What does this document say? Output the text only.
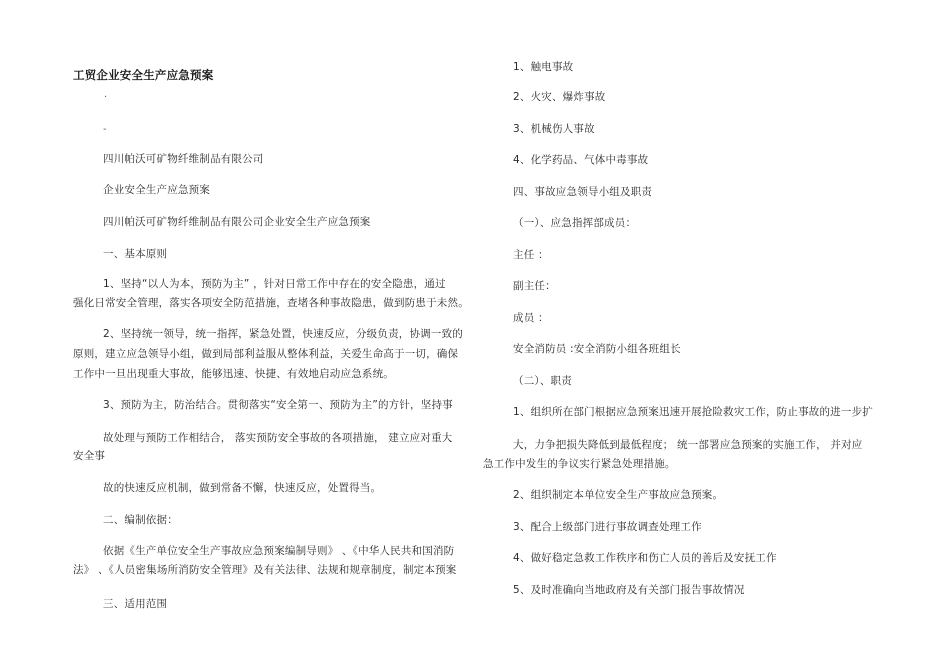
工贸企业安全生产应急预案
·
-
四川帕沃可矿物纤维制品有限公司
企业安全生产应急预案
四川帕沃可矿物纤维制品有限公司企业安全生产应急预案
一、基本原则
1、坚持“以人为本，预防为主” ，针对日常工作中存在的安全隐患，通过
强化日常安全管理，落实各项安全防范措施，查堵各种事故隐患，做到防患于未然。
2、坚持统一领导，统一指挥，紧急处置，快速反应，分级负责，协调一致的
原则，建立应急领导小组，做到局部利益服从整体利益，关爱生命高于一切，确保
工作中一旦出现重大事故，能够迅速、快捷、有效地启动应急系统。
3、预防为主，防治结合。贯彻落实“安全第一、预防为主”的方针，坚持事
故处理与预防工作相结合， 落实预防安全事故的各项措施， 建立应对重大
安全事
故的快速反应机制，做到常备不懈，快速反应，处置得当。
二、编制依据：
依据《生产单位安全生产事故应急预案编制导则》 、《中华人民共和国消防
法》 、《人员密集场所消防安全管理》及有关法律、法规和规章制度，制定本预案
三、适用范围
1、触电事故
2、火灾、爆炸事故
3、机械伤人事故
4、化学药品、气体中毒事故
四、事故应急领导小组及职责
（一）、应急指挥部成员：
主任 ：
副主任：
成员 ：
安全消防员 :安全消防小组各班组长
（二）、职责
1、组织所在部门根据应急预案迅速开展抢险救灾工作，防止事故的进一步扩
大，力争把损失降低到最低程度； 统一部署应急预案的实施工作， 并对应
急工作中发生的争议实行紧急处理措施。
2、组织制定本单位安全生产事故应急预案。
3、配合上级部门进行事故调查处理工作
4、做好稳定急救工作秩序和伤亡人员的善后及安抚工作
5、及时准确向当地政府及有关部门报告事故情况
